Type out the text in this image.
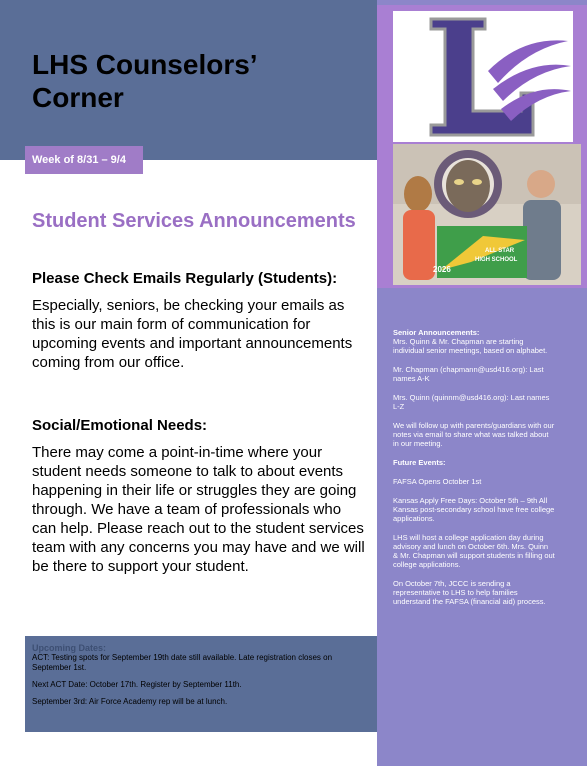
LHS Counselors’
Corner
Week of 8/31 – 9/4
Student Services Announcements
Please Check Emails Regularly (Students):

Especially, seniors, be checking your emails as this is our main form of communication for upcoming events and important announcements coming from our office.

Social/Emotional Needs:

There may come a point-in-time where your student needs someone to talk to about events happening in their life or struggles they are going through. We have a team of professionals who can help. Please reach out to the student services team with any concerns you may have and we will be there to support your student.

Upcoming Dates:

ACT: Testing spots for September 19th date still available. Late registration closes on September 1st.

Next ACT Date: October 17th. Register by September 11th.

September 3rd: Air Force Academy rep will be at lunch.

L
2026
ALL STAR
HIGH SCHOOL

Senior Announcements:
Mrs. Quinn & Mr. Chapman are starting individual senior meetings, based on alphabet.

Mr. Chapman (chapmann@usd416.org): Last names A-K

Mrs. Quinn (quinnm@usd416.org): Last names L-Z

We will follow up with parents/guardians with our notes via email to share what was talked about in our meeting.

Future Events:

FAFSA Opens October 1st

Kansas Apply Free Days: October 5th – 9th All Kansas post-secondary school have free college applications.

LHS will host a college application day during advisory and lunch on October 6th. Mrs. Quinn & Mr. Chapman will support students in filling out college applications.

On October 7th, JCCC is sending a representative to LHS to help families understand the FAFSA (financial aid) process.
